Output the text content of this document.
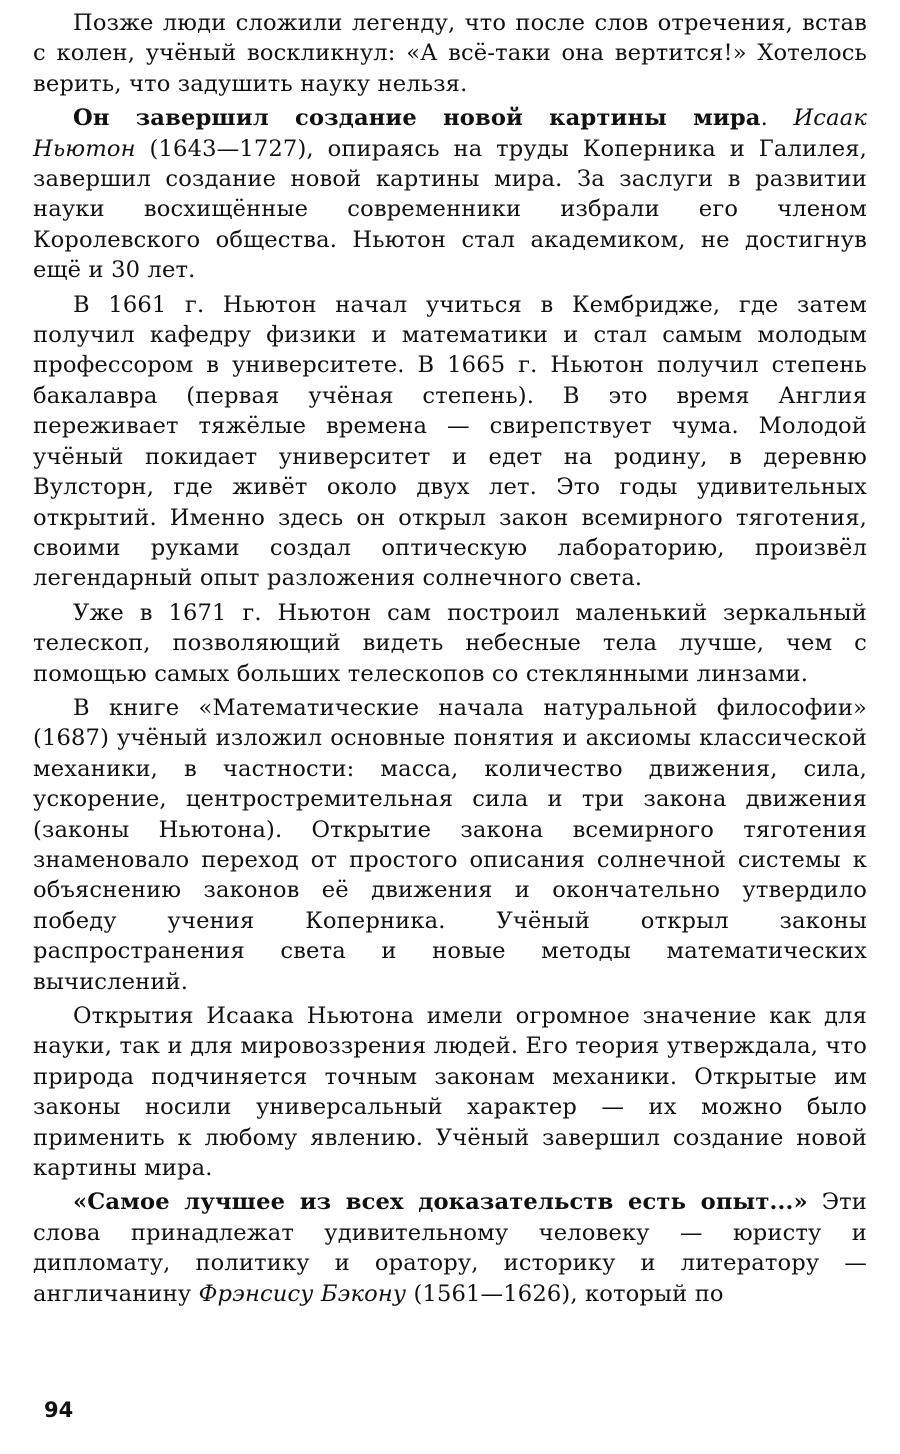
Позже люди сложили легенду, что после слов отречения, встав с колен, учёный воскликнул: «А всё-таки она вертится!» Хотелось верить, что задушить науку нельзя.

Он завершил создание новой картины мира. Исаак Ньютон (1643—1727), опираясь на труды Коперника и Галилея, завершил создание новой картины мира. За заслуги в развитии науки восхищённые современники избрали его членом Королевского общества. Ньютон стал академиком, не достигнув ещё и 30 лет.

В 1661 г. Ньютон начал учиться в Кембридже, где затем получил кафедру физики и математики и стал самым молодым профессором в университете. В 1665 г. Ньютон получил степень бакалавра (первая учёная степень). В это время Англия переживает тяжёлые времена — свирепствует чума. Молодой учёный покидает университет и едет на родину, в деревню Вулсторн, где живёт около двух лет. Это годы удивительных открытий. Именно здесь он открыл закон всемирного тяготения, своими руками создал оптическую лабораторию, произвёл легендарный опыт разложения солнечного света.

Уже в 1671 г. Ньютон сам построил маленький зеркальный телескоп, позволяющий видеть небесные тела лучше, чем с помощью самых больших телескопов со стеклянными линзами.

В книге «Математические начала натуральной философии» (1687) учёный изложил основные понятия и аксиомы классической механики, в частности: масса, количество движения, сила, ускорение, центростремительная сила и три закона движения (законы Ньютона). Открытие закона всемирного тяготения знаменовало переход от простого описания солнечной системы к объяснению законов её движения и окончательно утвердило победу учения Коперника. Учёный открыл законы распространения света и новые методы математических вычислений.

Открытия Исаака Ньютона имели огромное значение как для науки, так и для мировоззрения людей. Его теория утверждала, что природа подчиняется точным законам механики. Открытые им законы носили универсальный характер — их можно было применить к любому явлению. Учёный завершил создание новой картины мира.

«Самое лучшее из всех доказательств есть опыт...» Эти слова принадлежат удивительному человеку — юристу и дипломату, политику и оратору, историку и литератору — англичанину Фрэнсису Бэкону (1561—1626), который по

94
